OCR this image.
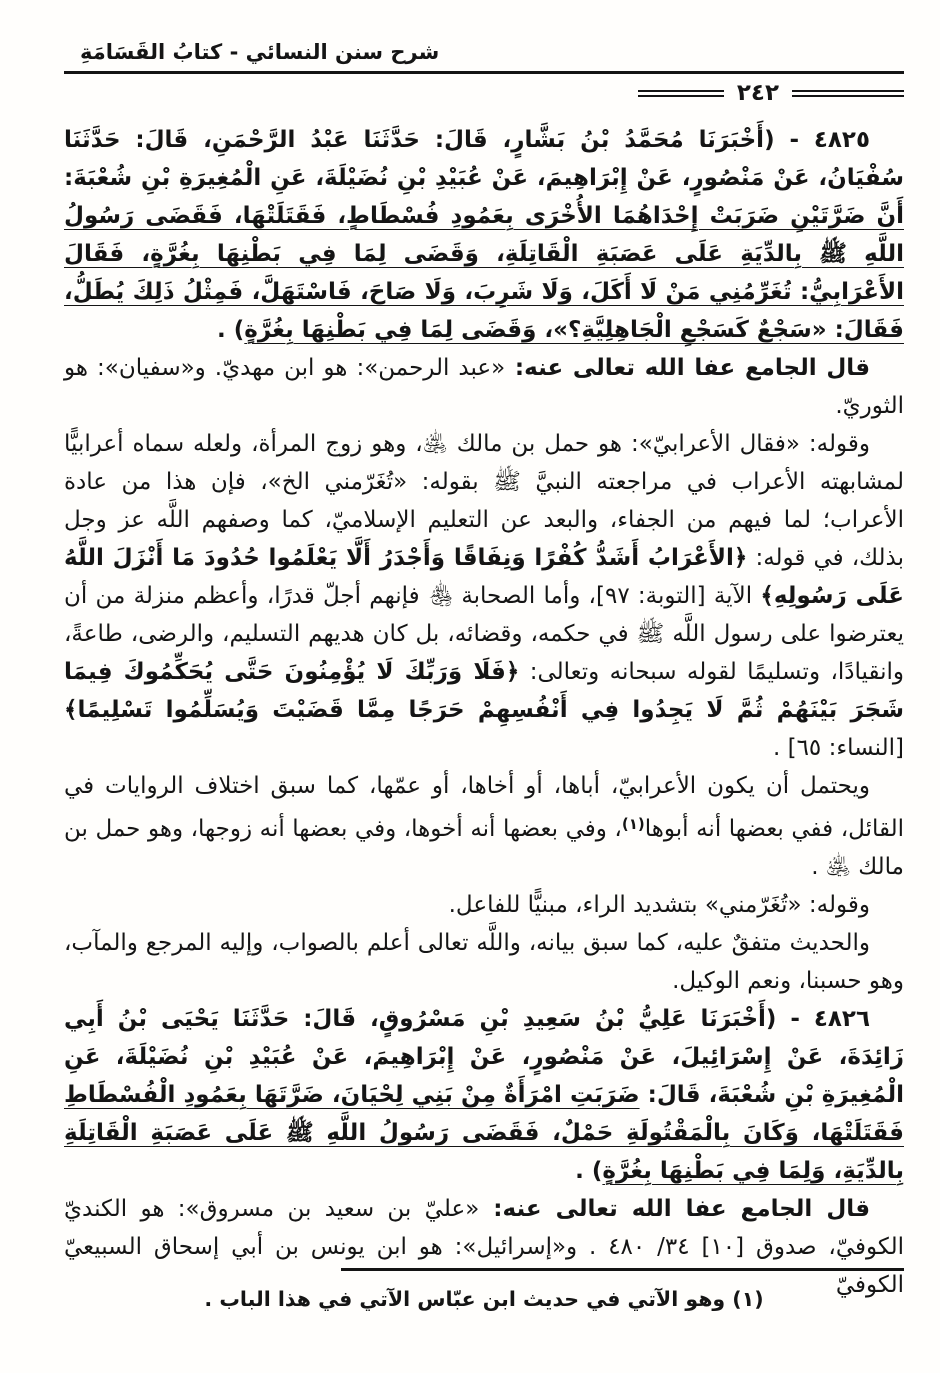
شرح سنن النسائي - كتابُ القَسَامَةِ
٢٤٢

٤٨٢٥ - (أَخْبَرَنَا مُحَمَّدُ بْنُ بَشَّارٍ، قَالَ: حَدَّثَنَا عَبْدُ الرَّحْمَنِ، قَالَ: حَدَّثَنَا سُفْيَانُ، عَنْ مَنْصُورٍ، عَنْ إِبْرَاهِيمَ، عَنْ عُبَيْدِ بْنِ نُضَيْلَةَ، عَنِ الْمُغِيرَةِ بْنِ شُعْبَةَ: أَنَّ ضَرَّتَيْنِ ضَرَبَتْ إِحْدَاهُمَا الأُخْرَى بِعَمُودِ فُسْطَاطٍ، فَقَتَلَتْهَا، فَقَضَى رَسُولُ اللَّهِ ﷺ بِالدِّيَةِ عَلَى عَصَبَةِ الْقَاتِلَةِ، وَقَضَى لِمَا فِي بَطْنِهَا بِغُرَّةٍ، فَقَالَ الأَعْرَابِيُّ: تُغَرِّمُنِي مَنْ لَا أَكَلَ، وَلَا شَرِبَ، وَلَا صَاحَ، فَاسْتَهَلَّ، فَمِثْلُ ذَلِكَ يُطَلُّ، فَقَالَ: «سَجْعٌ كَسَجْعِ الْجَاهِلِيَّةِ؟»، وَقَضَى لِمَا فِي بَطْنِهَا بِغُرَّةٍ) .

قال الجامع عفا الله تعالى عنه: «عبد الرحمن»: هو ابن مهديّ. و«سفيان»: هو الثوريّ.

وقوله: «فقال الأعرابيّ»: هو حمل بن مالك ﵁، وهو زوج المرأة، ولعله سماه أعرابيًّا لمشابهته الأعراب في مراجعته النبيَّ ﷺ بقوله: «تُغَرّمني الخ»، فإن هذا من عادة الأعراب؛ لما فيهم من الجفاء، والبعد عن التعليم الإسلاميّ، كما وصفهم اللَّه عز وجل بذلك، في قوله: ﴿الأَعْرَابُ أَشَدُّ كُفْرًا وَنِفَاقًا وَأَجْدَرُ أَلَّا يَعْلَمُوا حُدُودَ مَا أَنْزَلَ اللَّهُ عَلَى رَسُولِهِ﴾ الآية [التوبة: ٩٧]، وأما الصحابة ﵃ فإنهم أجلّ قدرًا، وأعظم منزلة من أن يعترضوا على رسول اللَّه ﷺ في حكمه، وقضائه، بل كان هديهم التسليم، والرضى، طاعةً، وانقيادًا، وتسليمًا لقوله سبحانه وتعالى: ﴿فَلَا وَرَبِّكَ لَا يُؤْمِنُونَ حَتَّى يُحَكِّمُوكَ فِيمَا شَجَرَ بَيْنَهُمْ ثُمَّ لَا يَجِدُوا فِي أَنْفُسِهِمْ حَرَجًا مِمَّا قَضَيْتَ وَيُسَلِّمُوا تَسْلِيمًا﴾ [النساء: ٦٥] .

ويحتمل أن يكون الأعرابيّ، أباها، أو أخاها، أو عمّها، كما سبق اختلاف الروايات في القائل، ففي بعضها أنه أبوها$^{(١)}$، وفي بعضها أنه أخوها، وفي بعضها أنه زوجها، وهو حمل بن مالك ﵁ .

وقوله: «تُغَرّمني» بتشديد الراء، مبنيًّا للفاعل.

والحديث متفقٌ عليه، كما سبق بيانه، واللَّه تعالى أعلم بالصواب، وإليه المرجع والمآب، وهو حسبنا، ونعم الوكيل.

٤٨٢٦ - (أَخْبَرَنَا عَلِيُّ بْنُ سَعِيدِ بْنِ مَسْرُوقٍ، قَالَ: حَدَّثَنَا يَحْيَى بْنُ أَبِي زَائِدَةَ، عَنْ إِسْرَائِيلَ، عَنْ مَنْصُورٍ، عَنْ إِبْرَاهِيمَ، عَنْ عُبَيْدِ بْنِ نُضَيْلَةَ، عَنِ الْمُغِيرَةِ بْنِ شُعْبَةَ، قَالَ: ضَرَبَتِ امْرَأَةٌ مِنْ بَنِي لِحْيَانَ، ضَرَّتَهَا بِعَمُودِ الْفُسْطَاطِ فَقَتَلَتْهَا، وَكَانَ بِالْمَقْتُولَةِ حَمْلٌ، فَقَضَى رَسُولُ اللَّهِ ﷺ عَلَى عَصَبَةِ الْقَاتِلَةِ بِالدِّيَةِ، وَلِمَا فِي بَطْنِهَا بِغُرَّةٍ) .

قال الجامع عفا الله تعالى عنه: «عليّ بن سعيد بن مسروق»: هو الكنديّ الكوفيّ، صدوق [١٠] ٣٤/ ٤٨٠ . و«إسرائيل»: هو ابن يونس بن أبي إسحاق السبيعيّ الكوفيّ

(١) وهو الآتي في حديث ابن عبّاس الآتي في هذا الباب .
